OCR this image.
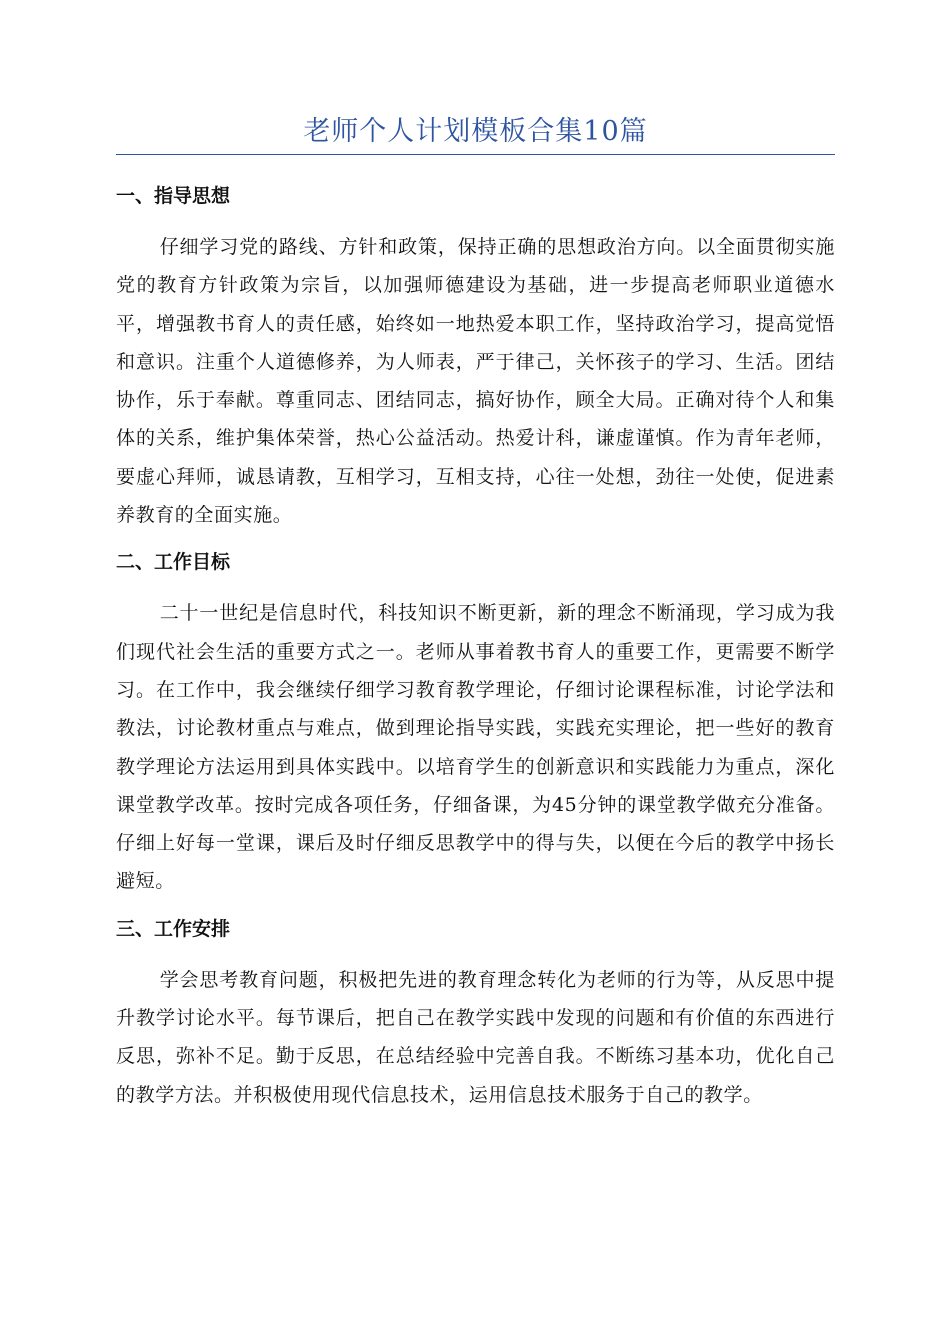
老师个人计划模板合集10篇
一、指导思想

仔细学习党的路线、方针和政策，保持正确的思想政治方向。以全面贯彻实施党的教育方针政策为宗旨，以加强师德建设为基础，进一步提高老师职业道德水平，增强教书育人的责任感，始终如一地热爱本职工作，坚持政治学习，提高觉悟和意识。注重个人道德修养，为人师表，严于律己，关怀孩子的学习、生活。团结协作，乐于奉献。尊重同志、团结同志，搞好协作，顾全大局。正确对待个人和集体的关系，维护集体荣誉，热心公益活动。热爱计科，谦虚谨慎。作为青年老师，要虚心拜师，诚恳请教，互相学习，互相支持，心往一处想，劲往一处使，促进素养教育的全面实施。

二、工作目标

二十一世纪是信息时代，科技知识不断更新，新的理念不断涌现，学习成为我们现代社会生活的重要方式之一。老师从事着教书育人的重要工作，更需要不断学习。在工作中，我会继续仔细学习教育教学理论，仔细讨论课程标准，讨论学法和教法，讨论教材重点与难点，做到理论指导实践，实践充实理论，把一些好的教育教学理论方法运用到具体实践中。以培育学生的创新意识和实践能力为重点，深化课堂教学改革。按时完成各项任务，仔细备课，为45分钟的课堂教学做充分准备。仔细上好每一堂课，课后及时仔细反思教学中的得与失，以便在今后的教学中扬长避短。

三、工作安排

学会思考教育问题，积极把先进的教育理念转化为老师的行为等，从反思中提升教学讨论水平。每节课后，把自己在教学实践中发现的问题和有价值的东西进行反思，弥补不足。勤于反思，在总结经验中完善自我。不断练习基本功，优化自己的教学方法。并积极使用现代信息技术，运用信息技术服务于自己的教学。
